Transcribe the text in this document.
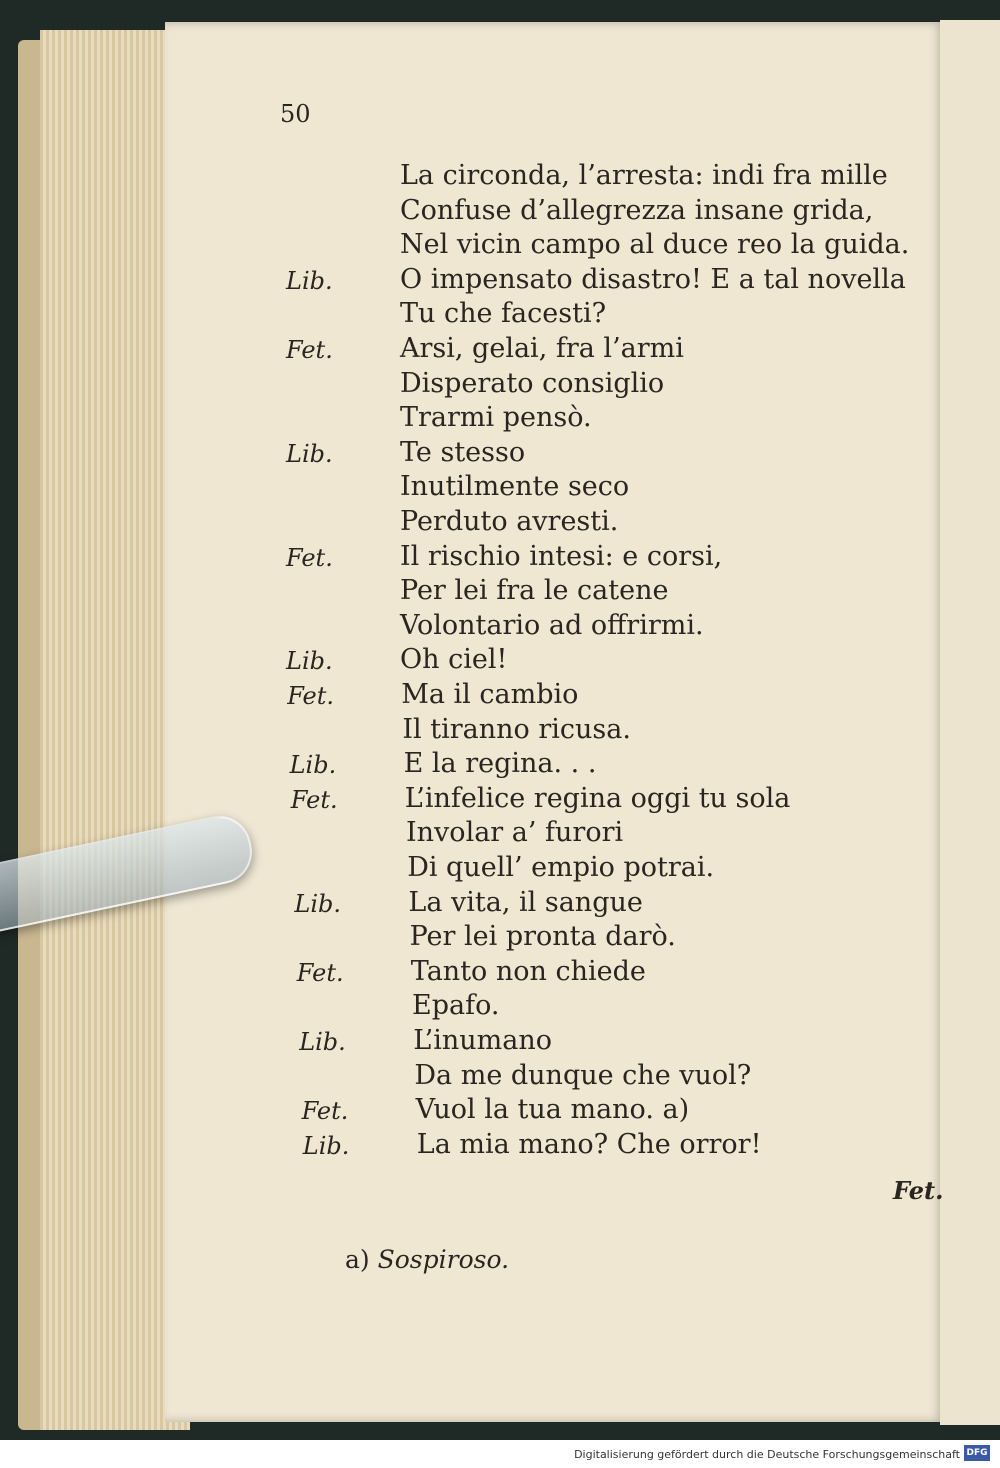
50
La circonda, l’arresta: indi fra mille
Confuse d’allegrezza insane grida,
Nel vicin campo al duce reo la guida.
O impensato disastro! E a tal novella
Lib.
Tu che facesti?
Arsi, gelai, fra l’armi
Fet.
Disperato consiglio
Trarmi pensò.
Te stesso
Lib.
Inutilmente seco
Perduto avresti.
Il rischio intesi: e corsi,
Fet.
Per lei fra le catene
Volontario ad offrirmi.
Oh ciel!
Lib.
Ma il cambio
Fet.
Il tiranno ricusa.
E la regina. . .
Lib.
L’infelice regina oggi tu sola
Fet.
Involar a’ furori
Di quell’ empio potrai.
La vita, il sangue
Lib.
Per lei pronta darò.
Tanto non chiede
Fet.
Epafo.
L’inumano
Lib.
Da me dunque che vuol?
Vuol la tua mano. a)
Fet.
La mia mano? Che orror!
Lib.
Fet.
a) Sospiroso.
Digitalisierung gefördert durch die Deutsche Forschungsgemeinschaft DFG
